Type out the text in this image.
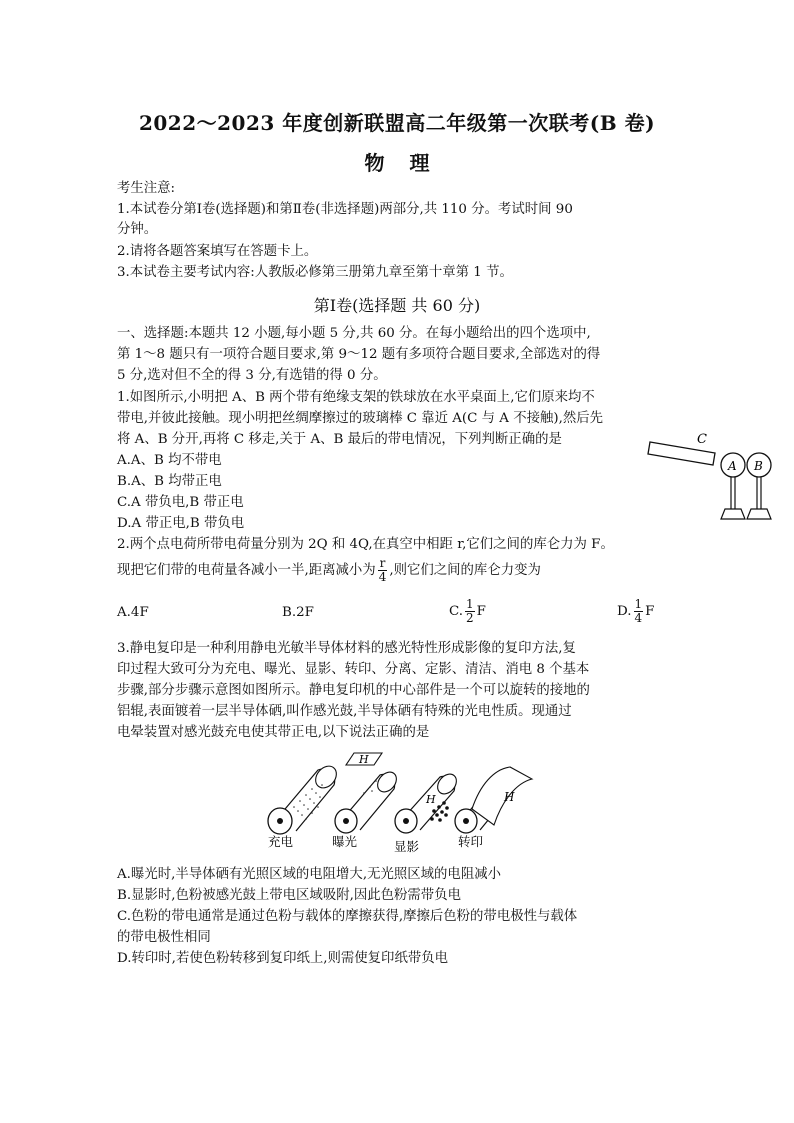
2022～2023 年度创新联盟高二年级第一次联考(B 卷)
物 理
考生注意:
1.本试卷分第Ⅰ卷(选择题)和第Ⅱ卷(非选择题)两部分,共 110 分。考试时间 90
分钟。
2.请将各题答案填写在答题卡上。
3.本试卷主要考试内容:人教版必修第三册第九章至第十章第 1 节。
第Ⅰ卷(选择题 共 60 分)
一、选择题:本题共 12 小题,每小题 5 分,共 60 分。在每小题给出的四个选项中,
第 1～8 题只有一项符合题目要求,第 9～12 题有多项符合题目要求,全部选对的得
5 分,选对但不全的得 3 分,有选错的得 0 分。
1.如图所示,小明把 A、B 两个带有绝缘支架的铁球放在水平桌面上,它们原来均不
带电,并彼此接触。现小明把丝绸摩擦过的玻璃棒 C 靠近 A(C 与 A 不接触),然后先
将 A、B 分开,再将 C 移走,关于 A、B 最后的带电情况，下列判断正确的是
A.A、B 均不带电
B.A、B 均带正电
C.A 带负电,B 带正电
D.A 带正电,B 带负电
C
A B
2.两个点电荷所带电荷量分别为 2Q 和 4Q,在真空中相距 r,它们之间的库仑力为 F。
现把它们带的电荷量各减小一半,距离减小为 $\frac{r}{4}$ ,则它们之间的库仑力变为
A.4F	B.2F	C. $\frac{1}{2}$ F	D. $\frac{1}{4}$ F
3.静电复印是一种利用静电光敏半导体材料的感光特性形成影像的复印方法,复
印过程大致可分为充电、曝光、显影、转印、分离、定影、清洁、消电 8 个基本
步骤,部分步骤示意图如图所示。静电复印机的中心部件是一个可以旋转的接地的
铝辊,表面镀着一层半导体硒,叫作感光鼓,半导体硒有特殊的光电性质。现通过
电晕装置对感光鼓充电使其带正电,以下说法正确的是
H
H	H
充电	曝光	显影	转印
A.曝光时,半导体硒有光照区域的电阻增大,无光照区域的电阻减小
B.显影时,色粉被感光鼓上带电区域吸附,因此色粉需带负电
C.色粉的带电通常是通过色粉与载体的摩擦获得,摩擦后色粉的带电极性与载体
的带电极性相同
D.转印时,若使色粉转移到复印纸上,则需使复印纸带负电
